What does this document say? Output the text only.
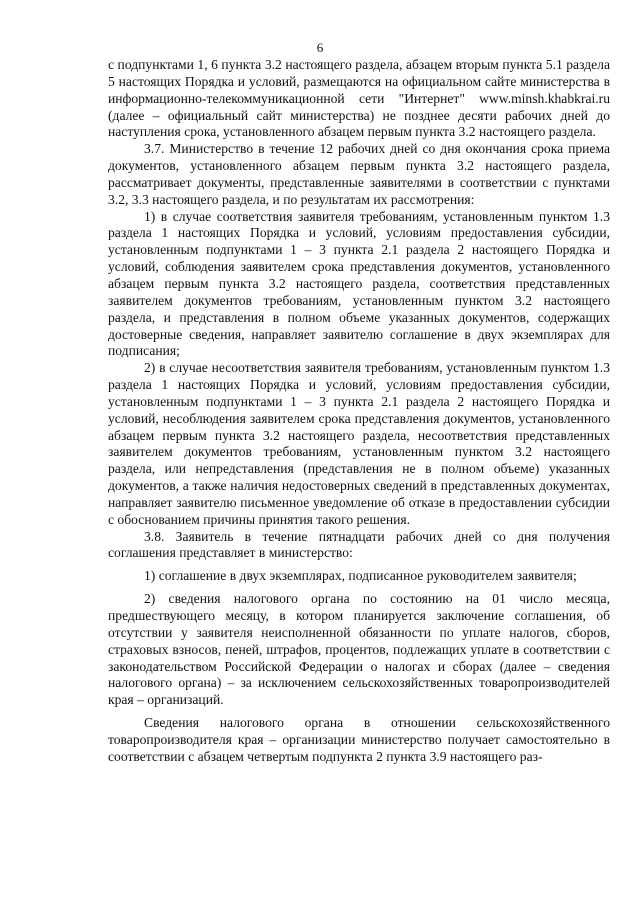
6

с подпунктами 1, 6 пункта 3.2 настоящего раздела, абзацем вторым пункта 5.1 раздела 5 настоящих Порядка и условий, размещаются на официальном сайте министерства в информационно-телекоммуникационной сети "Интернет" www.minsh.khabkrai.ru (далее – официальный сайт министерства) не позднее десяти рабочих дней до наступления срока, установленного абзацем первым пункта 3.2 настоящего раздела.

3.7. Министерство в течение 12 рабочих дней со дня окончания срока приема документов, установленного абзацем первым пункта 3.2 настоящего раздела, рассматривает документы, представленные заявителями в соответствии с пунктами 3.2, 3.3 настоящего раздела, и по результатам их рассмотрения:

1) в случае соответствия заявителя требованиям, установленным пунктом 1.3 раздела 1 настоящих Порядка и условий, условиям предоставления субсидии, установленным подпунктами 1 – 3 пункта 2.1 раздела 2 настоящего Порядка и условий, соблюдения заявителем срока представления документов, установленного абзацем первым пункта 3.2 настоящего раздела, соответствия представленных заявителем документов требованиям, установленным пунктом 3.2 настоящего раздела, и представления в полном объеме указанных документов, содержащих достоверные сведения, направляет заявителю соглашение в двух экземплярах для подписания;

2) в случае несоответствия заявителя требованиям, установленным пунктом 1.3 раздела 1 настоящих Порядка и условий, условиям предоставления субсидии, установленным подпунктами 1 – 3 пункта 2.1 раздела 2 настоящего Порядка и условий, несоблюдения заявителем срока представления документов, установленного абзацем первым пункта 3.2 настоящего раздела, несоответствия представленных заявителем документов требованиям, установленным пунктом 3.2 настоящего раздела, или непредставления (представления не в полном объеме) указанных документов, а также наличия недостоверных сведений в представленных документах, направляет заявителю письменное уведомление об отказе в предоставлении субсидии с обоснованием причины принятия такого решения.

3.8. Заявитель в течение пятнадцати рабочих дней со дня получения соглашения представляет в министерство:

1) соглашение в двух экземплярах, подписанное руководителем заявителя;

2) сведения налогового органа по состоянию на 01 число месяца, предшествующего месяцу, в котором планируется заключение соглашения, об отсутствии у заявителя неисполненной обязанности по уплате налогов, сборов, страховых взносов, пеней, штрафов, процентов, подлежащих уплате в соответствии с законодательством Российской Федерации о налогах и сборах (далее – сведения налогового органа) – за исключением сельскохозяйственных товаропроизводителей края – организаций.

Сведения налогового органа в отношении сельскохозяйственного товаропроизводителя края – организации министерство получает самостоятельно в соответствии с абзацем четвертым подпункта 2 пункта 3.9 настоящего раз-
